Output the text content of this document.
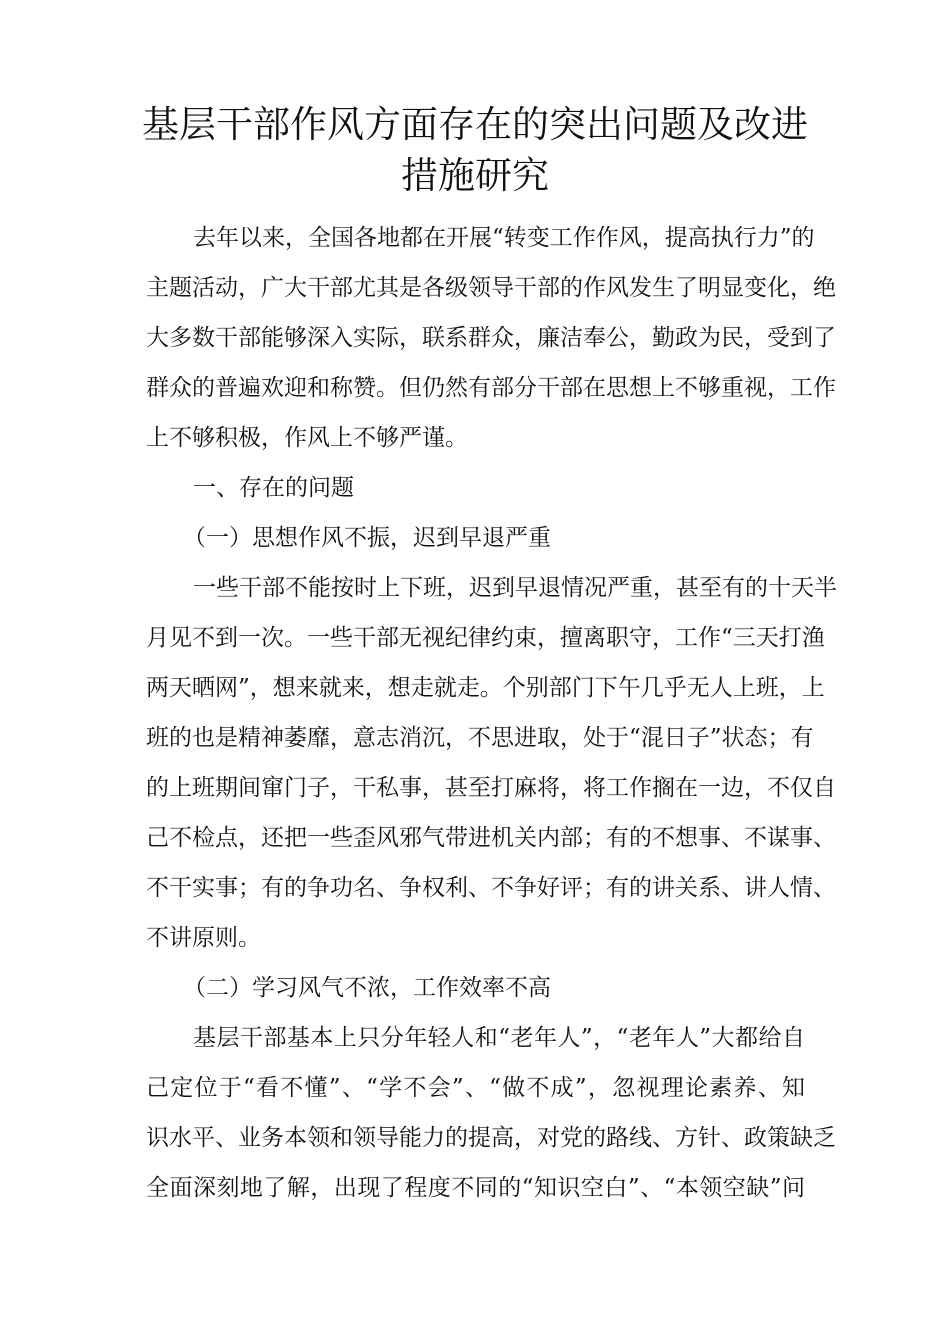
基层干部作风方面存在的突出问题及改进
措施研究
去年以来，全国各地都在开展“转变工作作风，提高执行力”的
主题活动，广大干部尤其是各级领导干部的作风发生了明显变化，绝
大多数干部能够深入实际，联系群众，廉洁奉公，勤政为民，受到了
群众的普遍欢迎和称赞。但仍然有部分干部在思想上不够重视，工作
上不够积极，作风上不够严谨。
一、存在的问题
（一）思想作风不振，迟到早退严重
一些干部不能按时上下班，迟到早退情况严重，甚至有的十天半
月见不到一次。一些干部无视纪律约束，擅离职守，工作“三天打渔
两天晒网”，想来就来，想走就走。个别部门下午几乎无人上班，上
班的也是精神萎靡，意志消沉，不思进取，处于“混日子”状态；有
的上班期间窜门子，干私事，甚至打麻将，将工作搁在一边，不仅自
己不检点，还把一些歪风邪气带进机关内部；有的不想事、不谋事、
不干实事；有的争功名、争权利、不争好评；有的讲关系、讲人情、
不讲原则。
（二）学习风气不浓，工作效率不高
基层干部基本上只分年轻人和“老年人”，“老年人”大都给自
己定位于“看不懂”、“学不会”、“做不成”，忽视理论素养、知
识水平、业务本领和领导能力的提高，对党的路线、方针、政策缺乏
全面深刻地了解，出现了程度不同的“知识空白”、“本领空缺”问
